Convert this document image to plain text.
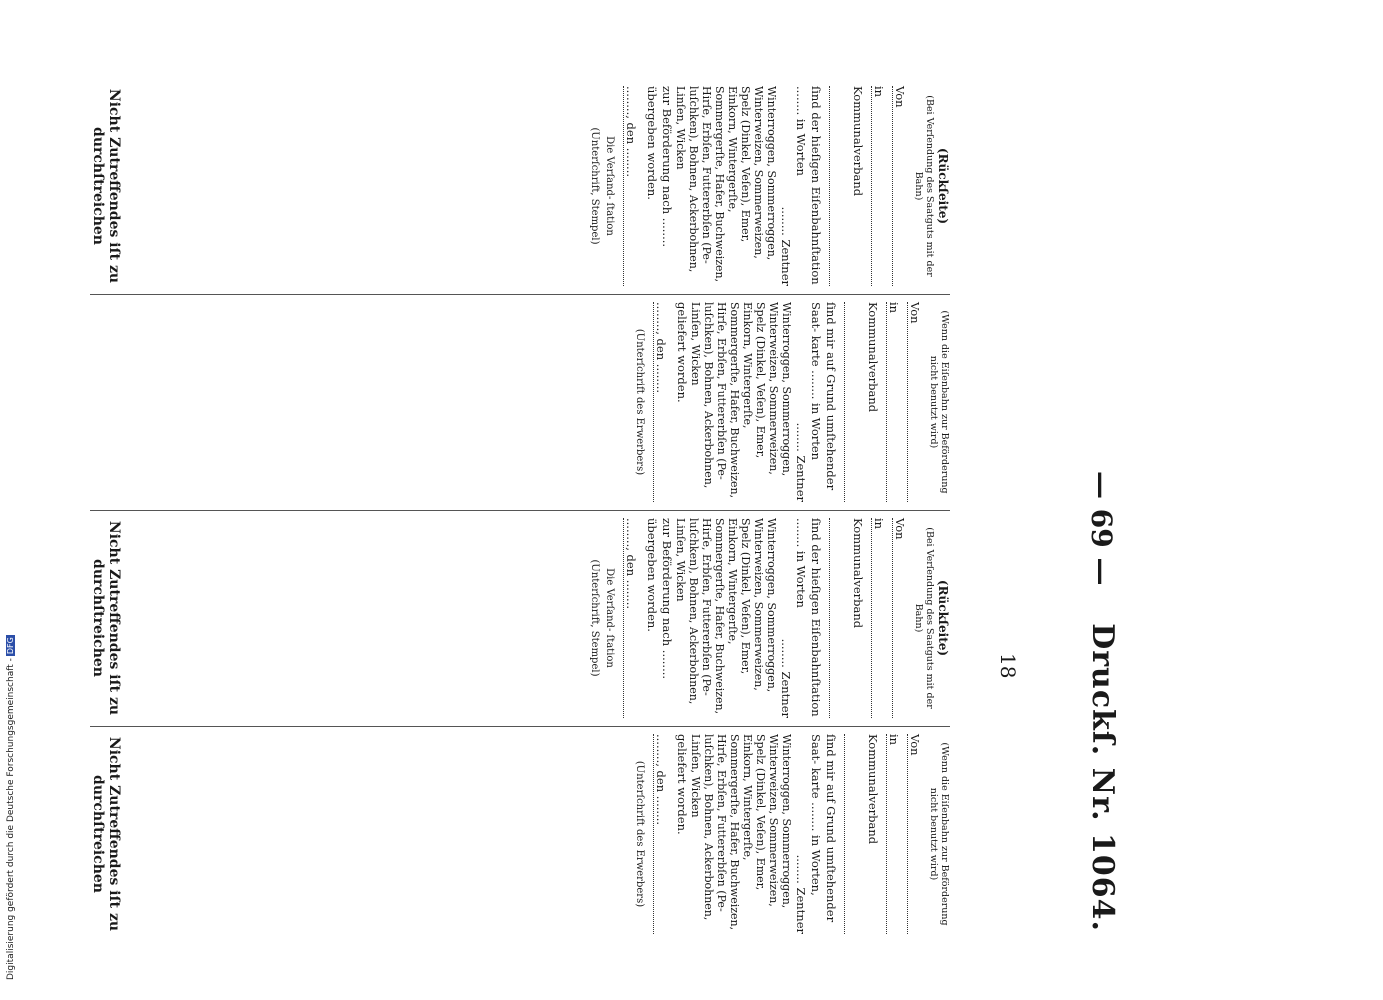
Druckſ. Nr. 1064.
— 69 —
18
(Rückſeite)
(Bei Verſendung des Saatguts mit der Bahn)
Von
in
Kommunalverband
ſind der hieſigen Eiſenbahnſtation ........ in Worten
........ Zentner
Winterroggen, Sommerroggen, Winterweizen, Sommerweizen, Spelz (Dinkel, Veſen), Emer, Einkorn, Wintergerſte, Sommergerſte, Hafer, Buchweizen, Hirſe, Erbſen, Futtererbſen (Pe- luſchken), Bohnen, Ackerbohnen, Linſen, Wicken
zur Beförderung nach ........ übergeben worden.
........, den ........
Die Verſand- ſtation
(Unterſchrift, Stempel)
Nicht Zutreffendes iſt zu durchſtreichen
(Wenn die Eiſenbahn zur Beförderung nicht benutzt wird)
Von
in
Kommunalverband
ſind mir auf Grund umſtehender Saat- karte ........ in Worten
........ Zentner
Winterroggen, Sommerroggen, Winterweizen, Sommerweizen, Spelz (Dinkel, Veſen), Emer, Einkorn, Wintergerſte, Sommergerſte, Hafer, Buchweizen, Hirſe, Erbſen, Futtererbſen (Pe- luſchken), Bohnen, Ackerbohnen, Linſen, Wicken
geliefert worden.
........, den ........
(Unterſchrift des Erwerbers)
(Rückſeite)
(Bei Verſendung des Saatguts mit der Bahn)
Von
in
Kommunalverband
ſind der hieſigen Eiſenbahnſtation ........ in Worten
........ Zentner
Winterroggen, Sommerroggen, Winterweizen, Sommerweizen, Spelz (Dinkel, Veſen), Emer, Einkorn, Wintergerſte, Sommergerſte, Hafer, Buchweizen, Hirſe, Erbſen, Futtererbſen (Pe- luſchken), Bohnen, Ackerbohnen, Linſen, Wicken
zur Beförderung nach ........ übergeben worden.
........, den ........
Die Verſand- ſtation
(Unterſchrift, Stempel)
Nicht Zutreffendes iſt zu durchſtreichen
(Wenn die Eiſenbahn zur Beförderung nicht benutzt wird)
Von
in
Kommunalverband
ſind mir auf Grund umſtehender Saat- karte ........ in Worten,
........ Zentner
Winterroggen, Sommerroggen, Winterweizen, Sommerweizen, Spelz (Dinkel, Veſen), Emer, Einkorn, Wintergerſte, Sommergerſte, Hafer, Buchweizen, Hirſe, Erbſen, Futtererbſen (Pe- luſchken), Bohnen, Ackerbohnen, Linſen, Wicken
geliefert worden.
........, den ........
(Unterſchrift des Erwerbers)
Nicht Zutreffendes iſt zu durchſtreichen
Digitalisierung gefördert durch die Deutsche Forschungsgemeinschaft -DFG
